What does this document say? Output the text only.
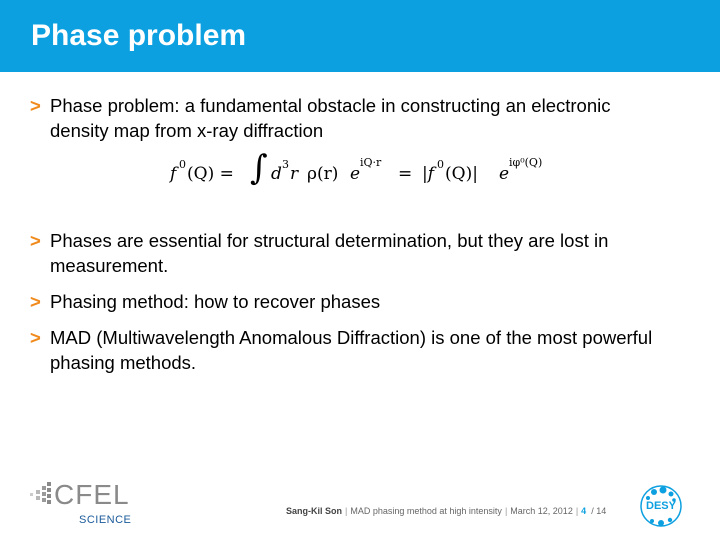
Phase problem
> Phase problem: a fundamental obstacle in constructing an electronic density map from x-ray diffraction
f 0 (Q) = ∫ d 3 r ρ(r) e
iQ·r
= |f 0 (Q)| e
iφ⁰(Q)
> Phases are essential for structural determination, but they are lost in measurement.
> Phasing method: how to recover phases
> MAD (Multiwavelength Anomalous Diffraction) is one of the most powerful phasing methods.
CFEL
SCIENCE
Sang-Kil Son | MAD phasing method at high intensity | March 12, 2012 | 4 / 14	DESY
